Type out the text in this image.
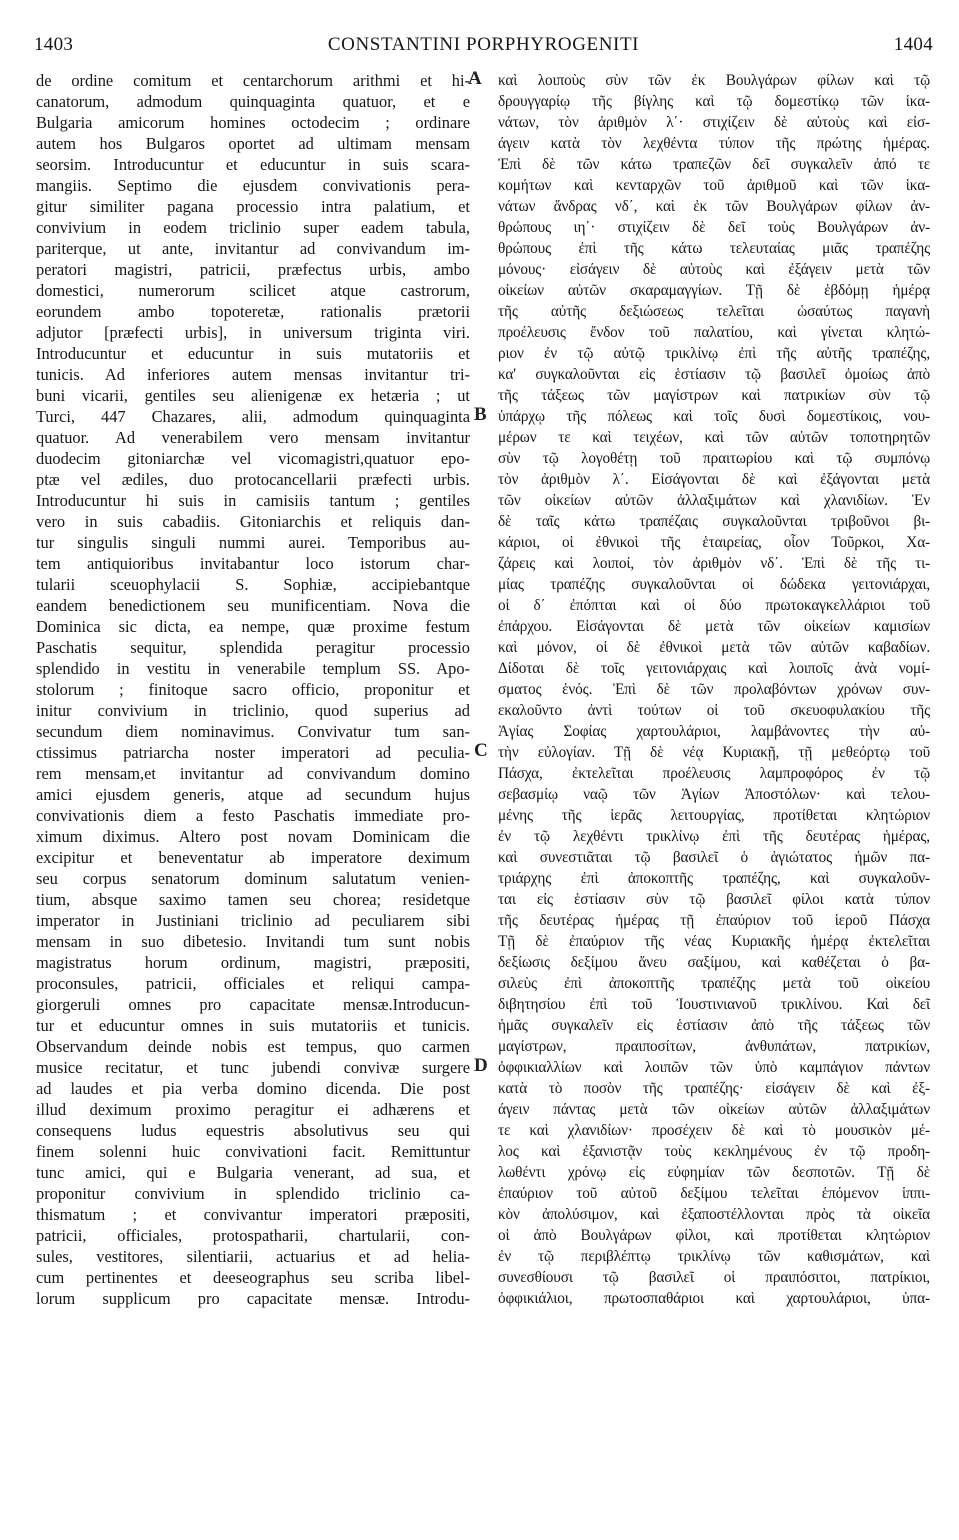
1403	CONSTANTINI PORPHYROGENITI	1404
de ordine comitum et centarchorum arithmi et hi-
canatorum, admodum quinquaginta quatuor, et e
Bulgaria amicorum homines octodecim ; ordinare
autem hos Bulgaros oportet ad ultimam mensam
seorsim. Introducuntur et educuntur in suis scara-
mangiis. Septimo die ejusdem convivationis pera-
gitur similiter pagana processio intra palatium, et
convivium in eodem triclinio super eadem tabula,
pariterque, ut ante, invitantur ad convivandum im-
peratori magistri, patricii, præfectus urbis, ambo
domestici, numerorum scilicet atque castrorum,
eorundem ambo topoteretæ, rationalis prætorii
adjutor [præfecti urbis], in universum triginta viri.
Introducuntur et educuntur in suis mutatoriis et
tunicis. Ad inferiores autem mensas invitantur tri-
buni vicarii, gentiles seu alienigenæ ex hetæria ; ut
Turci, 447 Chazares, alii, admodum quinquaginta
quatuor. Ad venerabilem vero mensam invitantur
duodecim gitoniarchæ vel vicomagistri,quatuor epo-
ptæ vel ædiles, duo protocancellarii præfecti urbis.
Introducuntur hi suis in camisiis tantum ; gentiles
vero in suis cabadiis. Gitoniarchis et reliquis dan-
tur singulis singuli nummi aurei. Temporibus au-
tem antiquioribus invitabantur loco istorum char-
tularii sceuophylacii S. Sophiæ, accipiebantque
eandem benedictionem seu munificentiam. Nova die
Dominica sic dicta, ea nempe, quæ proxime festum
Paschatis sequitur, splendida peragitur processio
splendido in vestitu in venerabile templum SS. Apo-
stolorum ; finitoque sacro officio, proponitur et
initur convivium in triclinio, quod superius ad
secundum diem nominavimus. Convivatur tum san-
ctissimus patriarcha noster imperatori ad peculia-
rem mensam,et invitantur ad convivandum domino
amici ejusdem generis, atque ad secundum hujus
convivationis diem a festo Paschatis immediate pro-
ximum diximus. Altero post novam Dominicam die
excipitur et beneventatur ab imperatore deximum
seu corpus senatorum dominum salutatum venien-
tium, absque saximo tamen seu chorea; residetque
imperator in Justiniani triclinio ad peculiarem sibi
mensam in suo dibetesio. Invitandi tum sunt nobis
magistratus horum ordinum, magistri, præpositi,
proconsules, patricii, officiales et reliqui campa-
giorgeruli omnes pro capacitate mensæ.Introducun-
tur et educuntur omnes in suis mutatoriis et tunicis.
Observandum deinde nobis est tempus, quo carmen
musice recitatur, et tunc jubendi convivæ surgere
ad laudes et pia verba domino dicenda. Die post
illud deximum proximo peragitur ei adhærens et
consequens ludus equestris absolutivus seu qui
finem solenni huic convivationi facit. Remittuntur
tunc amici, qui e Bulgaria venerant, ad sua, et
proponitur convivium in splendido triclinio ca-
thismatum ; et convivantur imperatori præpositi,
patricii, officiales, protospatharii, chartularii, con-
sules, vestitores, silentiarii, actuarius et ad helia-
cum pertinentes et deeseographus seu scriba libel-
lorum supplicum pro capacitate mensæ. Introdu-
A
B
C
D
καὶ λοιποὺς σὺν τῶν ἐκ Βουλγάρων φίλων καὶ τῷ
δρουγγαρίῳ τῆς βίγλης καὶ τῷ δομεστίκῳ τῶν ἱκα-
νάτων, τὸν ἀριθμὸν λ΄· στιχίζειν δὲ αὐτοὺς καὶ εἰσ-
άγειν κατὰ τὸν λεχθέντα τύπον τῆς πρώτης ἡμέρας.
Ἐπὶ δὲ τῶν κάτω τραπεζῶν δεῖ συγκαλεῖν ἀπό τε
κομήτων καὶ κενταρχῶν τοῦ ἀριθμοῦ καὶ τῶν ἱκα-
νάτων ἄνδρας νδ΄, καὶ ἐκ τῶν Βουλγάρων φίλων ἀν-
θρώπους ιη΄· στιχίζειν δὲ δεῖ τοὺς Βουλγάρων ἀν-
θρώπους ἐπὶ τῆς κάτω τελευταίας μιᾶς τραπέζης
μόνους· εἰσάγειν δὲ αὐτοὺς καὶ ἐξάγειν μετὰ τῶν
οἰκείων αὐτῶν σκαραμαγγίων. Τῇ δὲ ἑβδόμῃ ἡμέρᾳ
τῆς αὐτῆς δεξιώσεως τελεῖται ὡσαύτως παγανὴ
προέλευσις ἔνδον τοῦ παλατίου, καὶ γίνεται κλητώ-
ριον ἐν τῷ αὐτῷ τρικλίνῳ ἐπὶ τῆς αὐτῆς τραπέζης,
κα' συγκαλοῦνται εἰς ἑστίασιν τῷ βασιλεῖ ὁμοίως ἀπὸ
τῆς τάξεως τῶν μαγίστρων καὶ πατρικίων σὺν τῷ
ὑπάρχῳ τῆς πόλεως καὶ τοῖς δυσὶ δομεστίκοις, νου-
μέρων τε καὶ τειχέων, καὶ τῶν αὐτῶν τοποτηρητῶν
σὺν τῷ λογοθέτῃ τοῦ πραιτωρίου καὶ τῷ συμπόνῳ
τὸν ἀριθμὸν λ΄. Εἰσάγονται δὲ καὶ ἐξάγονται μετὰ
τῶν οἰκείων αὐτῶν ἀλλαξιμάτων καὶ χλανιδίων. Ἐν
δὲ ταῖς κάτω τραπέζαις συγκαλοῦνται τριβοῦνοι βι-
κάριοι, οἱ ἐθνικοὶ τῆς ἑταιρείας, οἷον Τοῦρκοι, Χα-
ζάρεις καὶ λοιποί, τὸν ἀριθμὸν νδ΄. Ἐπὶ δὲ τῆς τι-
μίας τραπέζης συγκαλοῦνται οἱ δώδεκα γειτονιάρχαι,
οἱ δ΄ ἐπόπται καὶ οἱ δύο πρωτοκαγκελλάριοι τοῦ
ἐπάρχου. Εἰσάγονται δὲ μετὰ τῶν οἰκείων καμισίων
καὶ μόνον, οἱ δὲ ἐθνικοὶ μετὰ τῶν αὐτῶν καβαδίων.
Δίδοται δὲ τοῖς γειτονιάρχαις καὶ λοιποῖς ἀνὰ νομί-
σματος ἑνός. Ἐπὶ δὲ τῶν προλαβόντων χρόνων συν-
εκαλοῦντο ἀντὶ τούτων οἱ τοῦ σκευοφυλακίου τῆς
Ἁγίας Σοφίας χαρτουλάριοι, λαμβάνοντες τὴν αὐ-
τὴν εὐλογίαν. Τῇ δὲ νέᾳ Κυριακῇ, τῇ μεθεόρτῳ τοῦ
Πάσχα, ἐκτελεῖται προέλευσις λαμπροφόρος ἐν τῷ
σεβασμίῳ ναῷ τῶν Ἁγίων Ἀποστόλων· καὶ τελου-
μένης τῆς ἱερᾶς λειτουργίας, προτίθεται κλητώριον
ἐν τῷ λεχθέντι τρικλίνῳ ἐπὶ τῆς δευτέρας ἡμέρας,
καὶ συνεστιᾶται τῷ βασιλεῖ ὁ ἁγιώτατος ἡμῶν πα-
τριάρχης ἐπὶ ἀποκοπτῆς τραπέζης, καὶ συγκαλοῦν-
ται εἰς ἑστίασιν σὺν τῷ βασιλεῖ φίλοι κατὰ τύπον
τῆς δευτέρας ἡμέρας τῇ ἐπαύριον τοῦ ἱεροῦ Πάσχα
Τῇ δὲ ἐπαύριον τῆς νέας Κυριακῆς ἡμέρᾳ ἐκτελεῖται
δεξίωσις δεξίμου ἄνευ σαξίμου, καὶ καθέζεται ὁ βα-
σιλεὺς ἐπὶ ἀποκοπτῆς τραπέζης μετὰ τοῦ οἰκείου
διβητησίου ἐπὶ τοῦ Ἰουστινιανοῦ τρικλίνου. Καὶ δεῖ
ἡμᾶς συγκαλεῖν εἰς ἑστίασιν ἀπὸ τῆς τάξεως τῶν
μαγίστρων, πραιποσίτων, ἀνθυπάτων, πατρικίων,
ὀφφικιαλλίων καὶ λοιπῶν τῶν ὑπὸ καμπάγιον πάντων
κατὰ τὸ ποσὸν τῆς τραπέζης· εἰσάγειν δὲ καὶ ἐξ-
άγειν πάντας μετὰ τῶν οἰκείων αὐτῶν ἀλλαξιμάτων
τε καὶ χλανιδίων· προσέχειν δὲ καὶ τὸ μουσικὸν μέ-
λος καὶ ἐξανιστᾷν τοὺς κεκλημένους ἐν τῷ προδη-
λωθέντι χρόνῳ εἰς εὐφημίαν τῶν δεσποτῶν. Τῇ δὲ
ἐπαύριον τοῦ αὐτοῦ δεξίμου τελεῖται ἑπόμενον ἱππι-
κὸν ἀπολύσιμον, καὶ ἐξαποστέλλονται πρὸς τὰ οἰκεῖα
οἱ ἀπὸ Βουλγάρων φίλοι, καὶ προτίθεται κλητώριον
ἐν τῷ περιβλέπτῳ τρικλίνῳ τῶν καθισμάτων, καὶ
συνεσθίουσι τῷ βασιλεῖ οἱ πραιπόσιτοι, πατρίκιοι,
ὀφφικιάλιοι, πρωτοσπαθάριοι καὶ χαρτουλάριοι, ὑπα-
